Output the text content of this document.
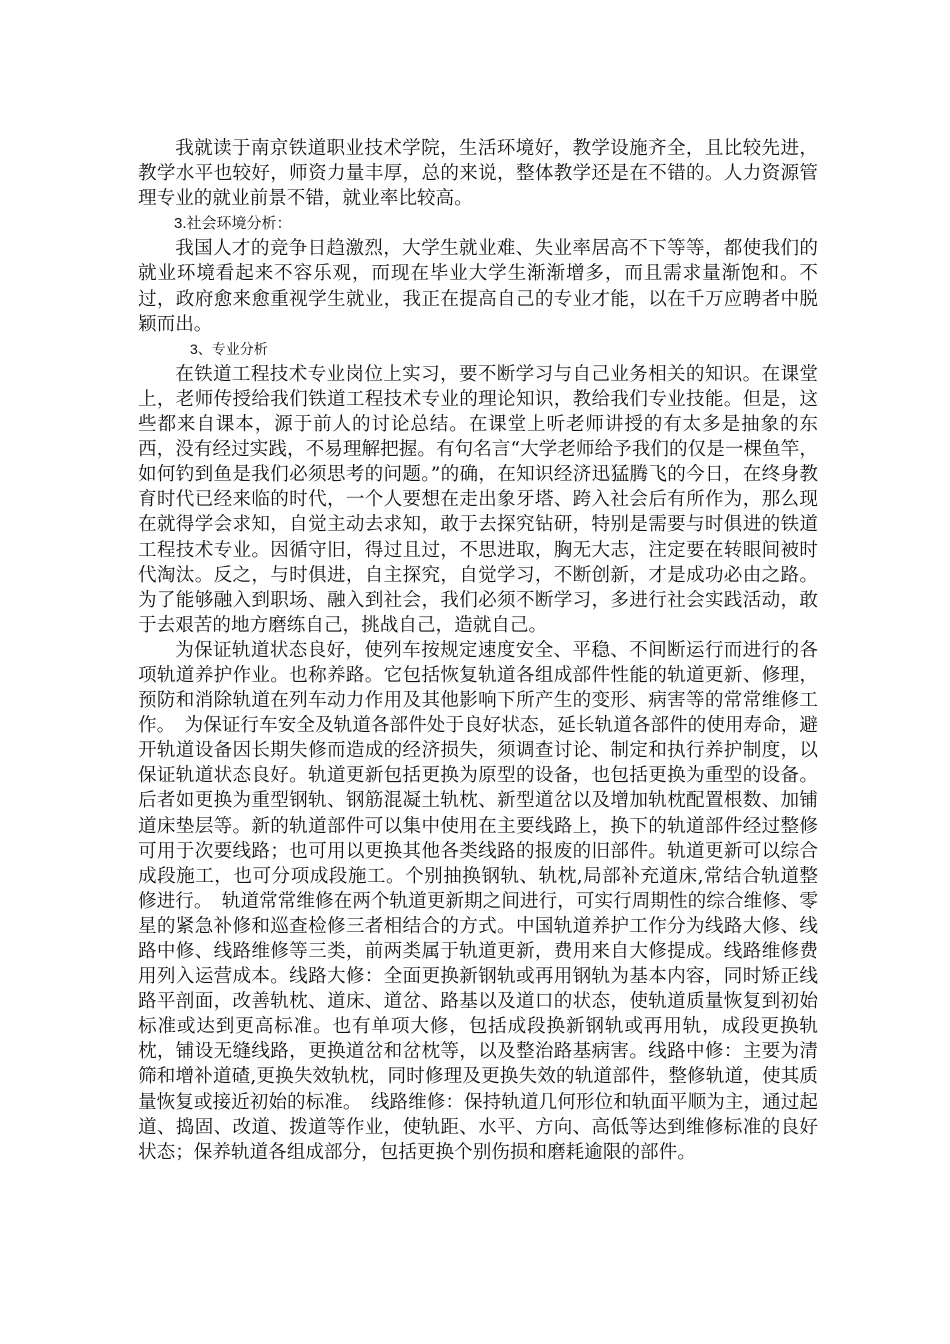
我就读于南京铁道职业技术学院，生活环境好，教学设施齐全，且比较先进，教学水平也较好，师资力量丰厚，总的来说，整体教学还是在不错的。人力资源管理专业的就业前景不错，就业率比较高。

3.社会环境分析：

我国人才的竞争日趋激烈，大学生就业难、失业率居高不下等等，都使我们的就业环境看起来不容乐观，而现在毕业大学生渐渐增多，而且需求量渐饱和。不过，政府愈来愈重视学生就业，我正在提高自己的专业才能，以在千万应聘者中脱颖而出。

3、专业分析

在铁道工程技术专业岗位上实习，要不断学习与自己业务相关的知识。在课堂上，老师传授给我们铁道工程技术专业的理论知识，教给我们专业技能。但是，这些都来自课本，源于前人的讨论总结。在课堂上听老师讲授的有太多是抽象的东西，没有经过实践，不易理解把握。有句名言“大学老师给予我们的仅是一棵鱼竿，如何钓到鱼是我们必须思考的问题。”的确，在知识经济迅猛腾飞的今日，在终身教育时代已经来临的时代，一个人要想在走出象牙塔、跨入社会后有所作为，那么现在就得学会求知，自觉主动去求知，敢于去探究钻研，特别是需要与时俱进的铁道工程技术专业。因循守旧，得过且过，不思进取，胸无大志，注定要在转眼间被时代淘汰。反之，与时俱进，自主探究，自觉学习，不断创新，才是成功必由之路。为了能够融入到职场、融入到社会，我们必须不断学习，多进行社会实践活动，敢于去艰苦的地方磨练自己，挑战自己，造就自己。

为保证轨道状态良好，使列车按规定速度安全、平稳、不间断运行而进行的各项轨道养护作业。也称养路。它包括恢复轨道各组成部件性能的轨道更新、修理，预防和消除轨道在列车动力作用及其他影响下所产生的变形、病害等的常常维修工作。　为保证行车安全及轨道各部件处于良好状态，延长轨道各部件的使用寿命，避开轨道设备因长期失修而造成的经济损失，须调查讨论、制定和执行养护制度，以保证轨道状态良好。轨道更新包括更换为原型的设备，也包括更换为重型的设备。后者如更换为重型钢轨、钢筋混凝土轨枕、新型道岔以及增加轨枕配置根数、加铺道床垫层等。新的轨道部件可以集中使用在主要线路上，换下的轨道部件经过整修可用于次要线路；也可用以更换其他各类线路的报废的旧部件。轨道更新可以综合成段施工，也可分项成段施工。个别抽换钢轨、轨枕,局部补充道床,常结合轨道整修进行。　轨道常常维修在两个轨道更新期之间进行，可实行周期性的综合维修、零星的紧急补修和巡查检修三者相结合的方式。中国轨道养护工作分为线路大修、线路中修、线路维修等三类，前两类属于轨道更新，费用来自大修提成。线路维修费用列入运营成本。线路大修：全面更换新钢轨或再用钢轨为基本内容，同时矫正线路平剖面，改善轨枕、道床、道岔、路基以及道口的状态，使轨道质量恢复到初始标准或达到更高标准。也有单项大修，包括成段换新钢轨或再用轨，成段更换轨枕，铺设无缝线路，更换道岔和岔枕等，以及整治路基病害。线路中修：主要为清筛和增补道碴,更换失效轨枕，同时修理及更换失效的轨道部件，整修轨道，使其质量恢复或接近初始的标准。　线路维修：保持轨道几何形位和轨面平顺为主，通过起道、捣固、改道、拨道等作业，使轨距、水平、方向、高低等达到维修标准的良好状态；保养轨道各组成部分，包括更换个别伤损和磨耗逾限的部件。
